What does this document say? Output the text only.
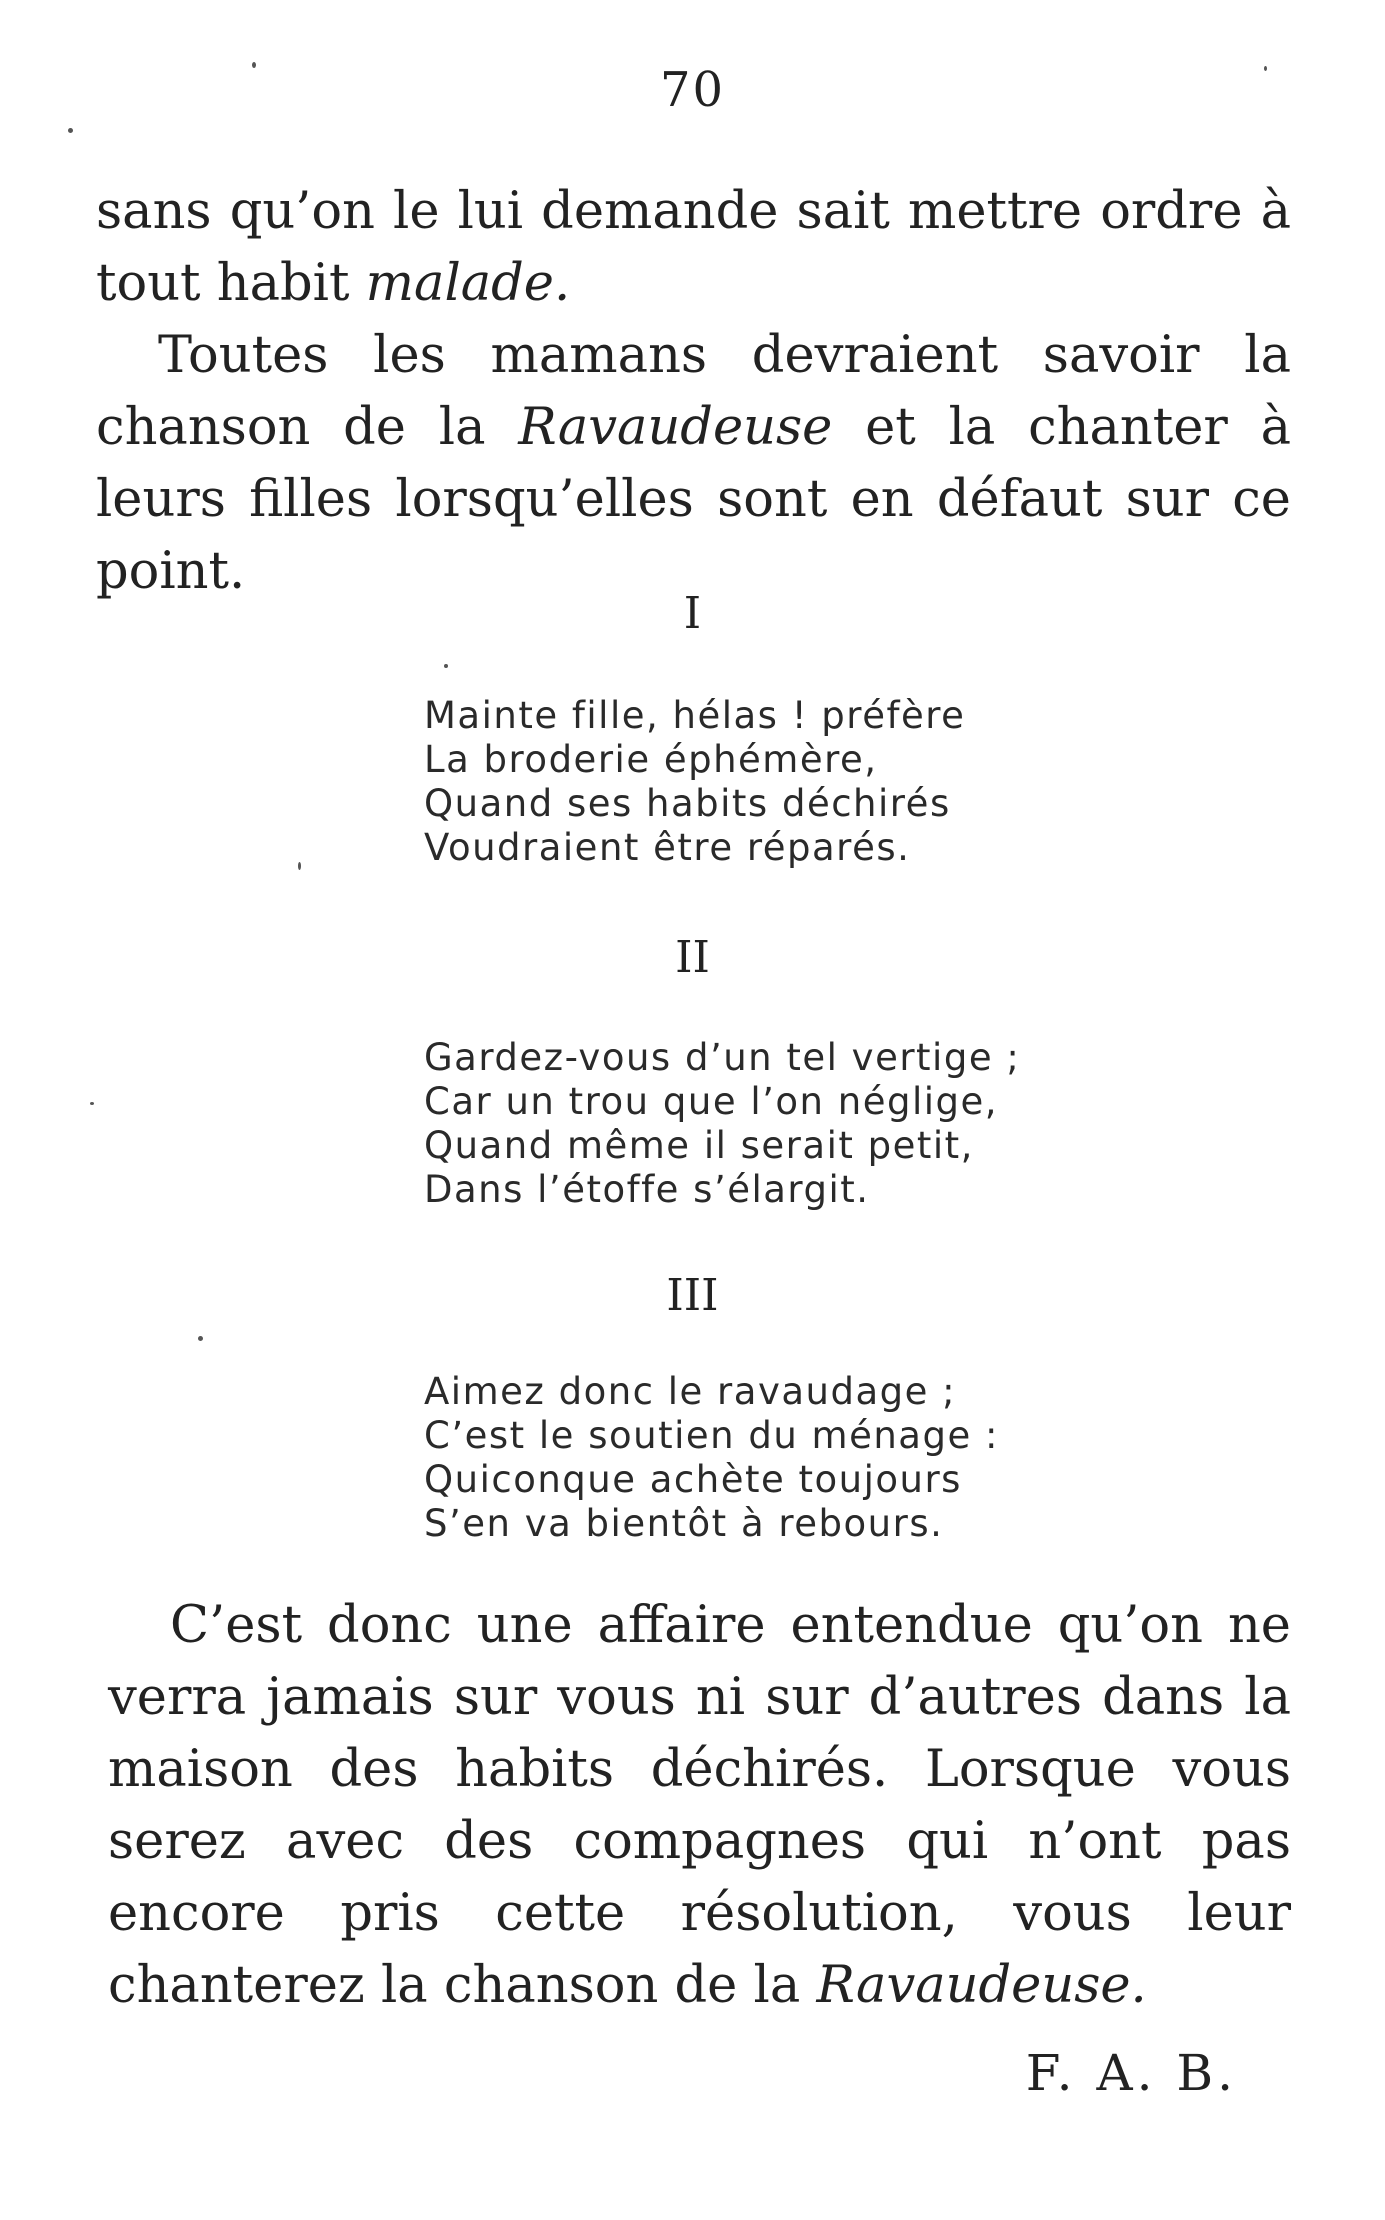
70

sans qu’on le lui demande sait mettre ordre à tout habit malade.

Toutes les mamans devraient savoir la chanson de la Ravaudeuse et la chanter à leurs filles lorsqu’elles sont en défaut sur ce point.

I

Mainte fille, hélas ! préfère
La broderie éphémère,
Quand ses habits déchirés
Voudraient être réparés.

II

Gardez-vous d’un tel vertige ;
Car un trou que l’on néglige,
Quand même il serait petit,
Dans l’étoffe s’élargit.

III

Aimez donc le ravaudage ;
C’est le soutien du ménage :
Quiconque achète toujours
S’en va bientôt à rebours.

C’est donc une affaire entendue qu’on ne verra jamais sur vous ni sur d’autres dans la maison des habits déchirés. Lorsque vous serez avec des compagnes qui n’ont pas encore pris cette résolution, vous leur chanterez la chanson de la Ravaudeuse.

F. A. B.
